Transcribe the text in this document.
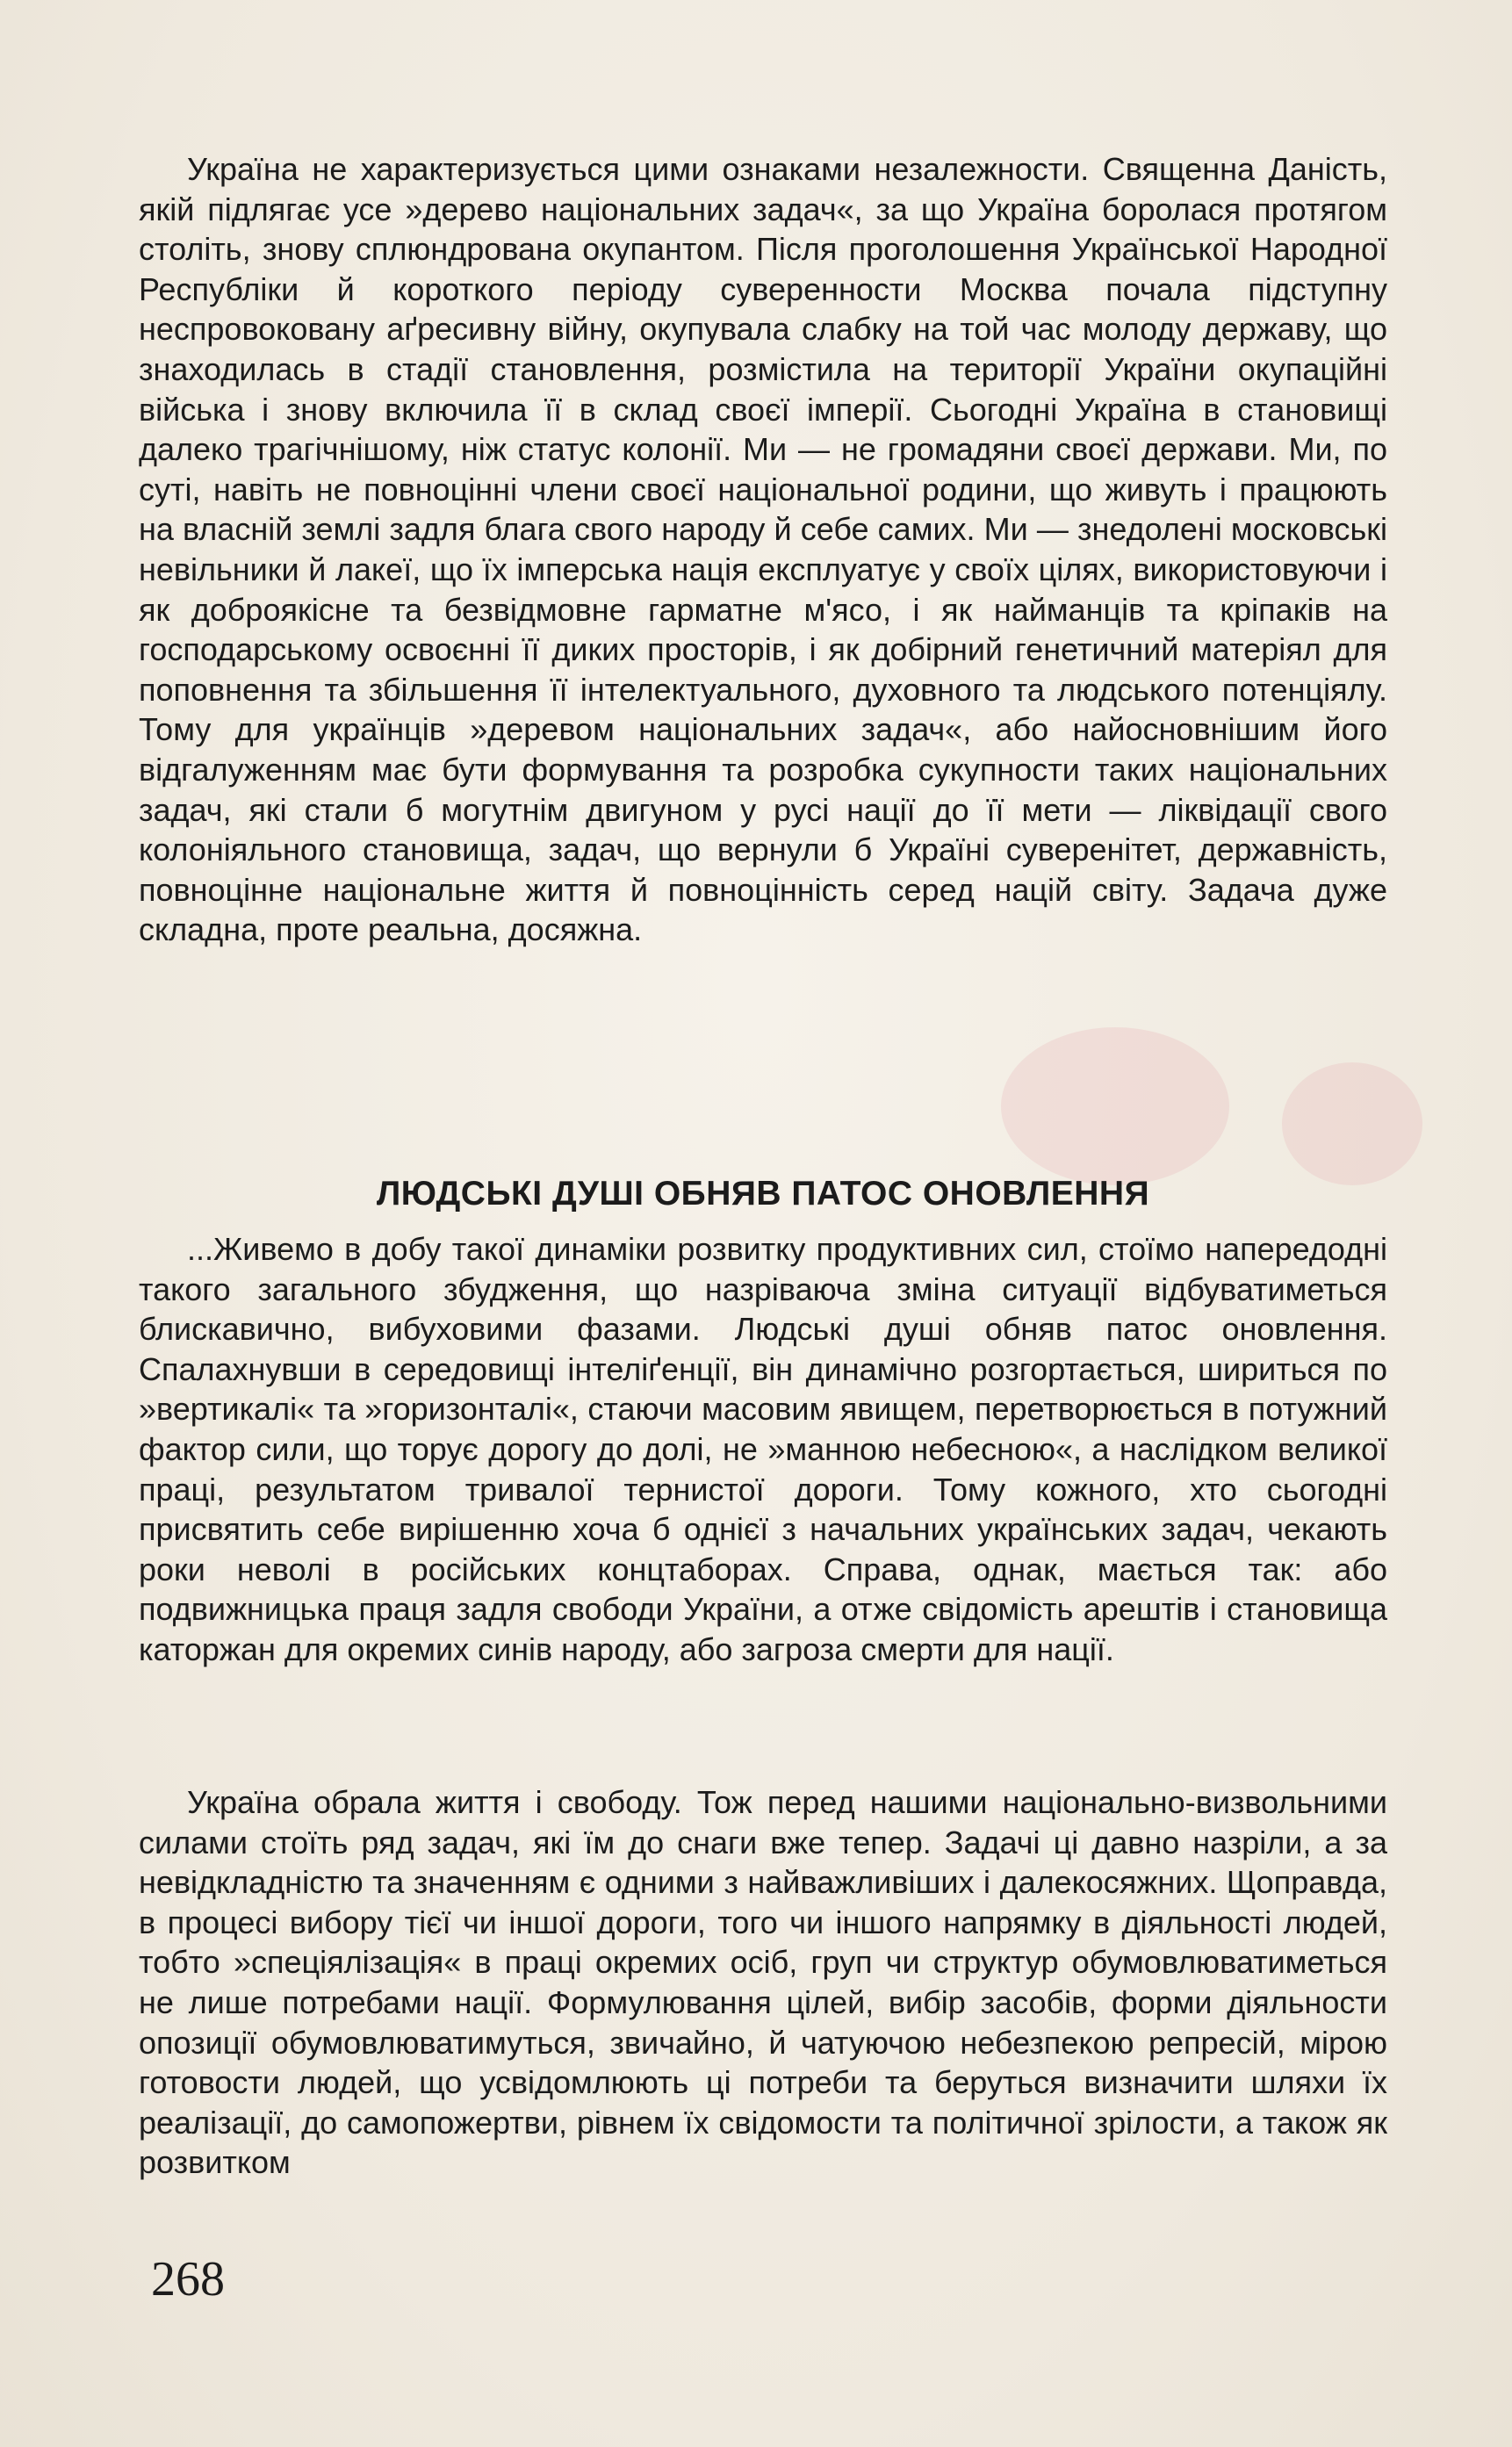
Україна не характеризується цими ознаками незалежности. Священна Даність, якій підлягає усе »дерево національних задач«, за що Україна боролася протягом століть, знову сплюндрована окупантом. Після проголошення Української Народної Республіки й короткого періоду суверенности Москва почала підступну неспровоковану аґресивну війну, окупувала слабку на той час молоду державу, що знаходилась в стадії становлення, розмістила на території України окупаційні війська і знову включила її в склад своєї імперії. Сьогодні Україна в становищі далеко трагічнішому, ніж статус колонії. Ми — не громадяни своєї держави. Ми, по суті, навіть не повноцінні члени своєї національної родини, що живуть і працюють на власній землі задля блага свого народу й себе самих. Ми — знедолені московські невільники й лакеї, що їх імперська нація експлуатує у своїх цілях, використовуючи і як доброякісне та безвідмовне гарматне м'ясо, і як найманців та кріпаків на господарському освоєнні її диких просторів, і як добірний генетичний матеріял для поповнення та збільшення її інтелектуального, духовного та людського потенціялу. Тому для українців »деревом національних задач«, або найосновнішим його відгалуженням має бути формування та розробка сукупности таких національних задач, які стали б могутнім двигуном у русі нації до її мети — ліквідації свого колоніяльного становища, задач, що вернули б Україні суверенітет, державність, повноцінне національне життя й повноцінність серед націй світу. Задача дуже складна, проте реальна, досяжна.

ЛЮДСЬКІ ДУШІ ОБНЯВ ПАТОС ОНОВЛЕННЯ

...Живемо в добу такої динаміки розвитку продуктивних сил, стоїмо напередодні такого загального збудження, що назріваюча зміна ситуації відбуватиметься блискавично, вибуховими фазами. Людські душі обняв патос оновлення. Спалахнувши в середовищі інтеліґенції, він динамічно розгортається, шириться по »вертикалі« та »горизонталі«, стаючи масовим явищем, перетворюється в потужний фактор сили, що торує дорогу до долі, не »манною небесною«, а наслідком великої праці, результатом тривалої тернистої дороги. Тому кожного, хто сьогодні присвятить себе вирішенню хоча б однієї з начальних українських задач, чекають роки неволі в російських концтаборах. Справа, однак, мається так: або подвижницька праця задля свободи України, а отже свідомість арештів і становища каторжан для окремих синів народу, або загроза смерти для нації.

Україна обрала життя і свободу. Тож перед нашими національно-визвольними силами стоїть ряд задач, які їм до снаги вже тепер. Задачі ці давно назріли, а за невідкладністю та значенням є одними з найважливіших і далекосяжних. Щоправда, в процесі вибору тієї чи іншої дороги, того чи іншого напрямку в діяльності людей, тобто »спеціялізація« в праці окремих осіб, груп чи структур обумовлюватиметься не лише потребами нації. Формулювання цілей, вибір засобів, форми діяльности опозиції обумовлюватимуться, звичайно, й чатуючою небезпекою репресій, мірою готовости людей, що усвідомлюють ці потреби та беруться визначити шляхи їх реалізації, до самопожертви, рівнем їх свідомости та політичної зрілости, а також як розвитком

268
